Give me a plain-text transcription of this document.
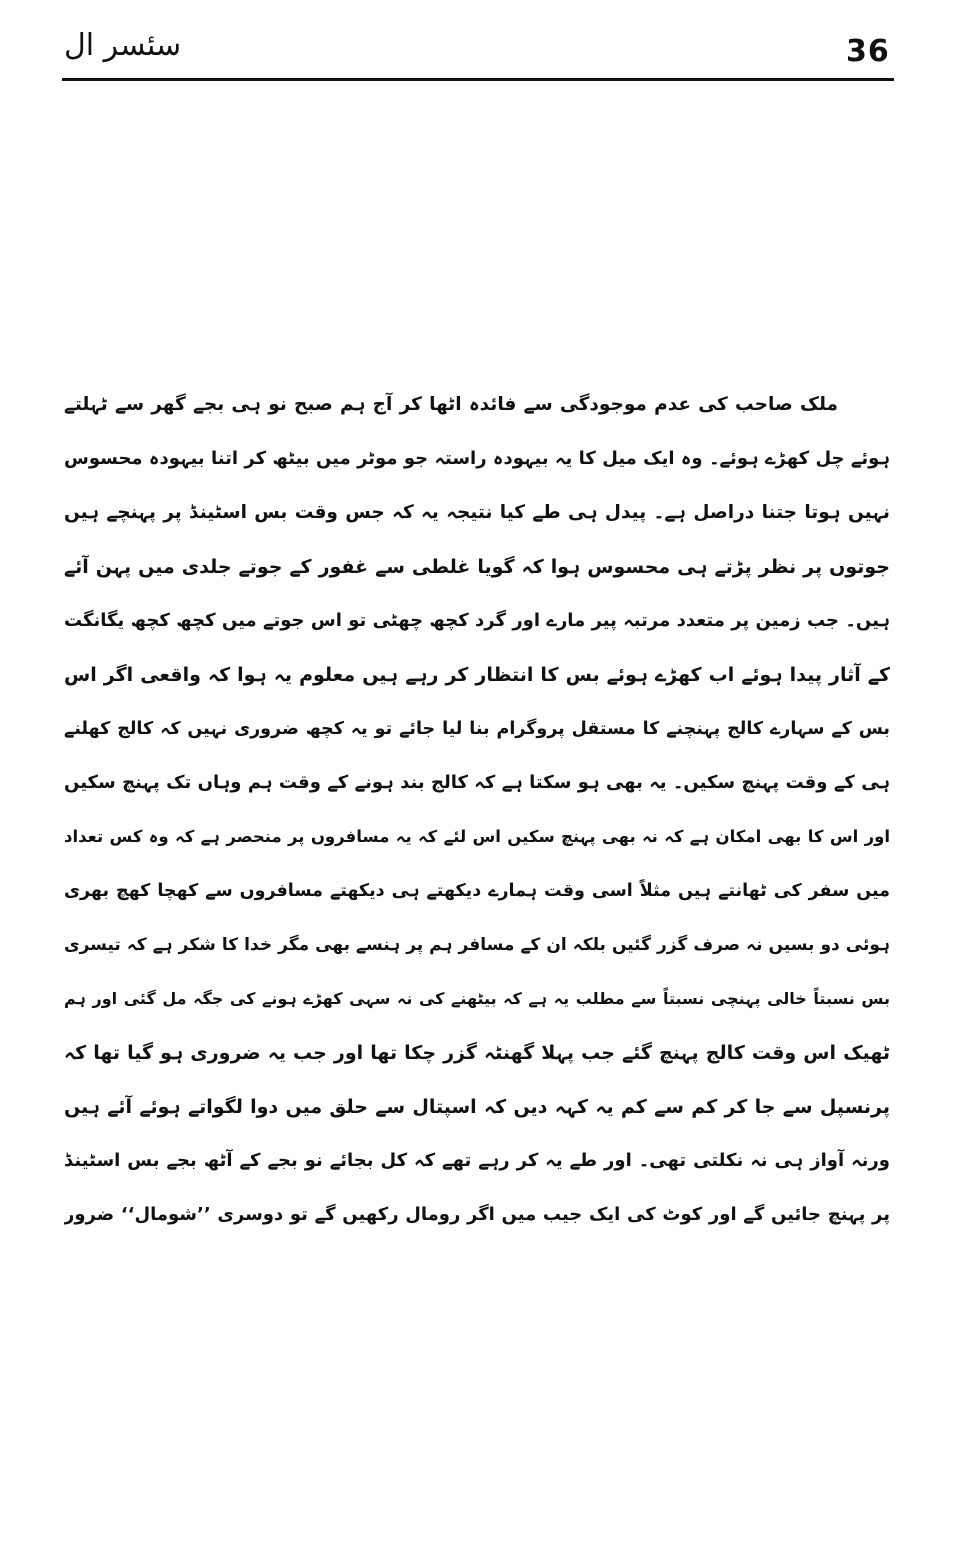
36
سئسر ال
ملک صاحب کی عدم موجودگی سے فائدہ اٹھا کر آج ہم صبح نو ہی بجے گھر سے ٹہلتے
ہوئے چل کھڑے ہوئے۔ وہ ایک میل کا یہ بیہودہ راستہ جو موٹر میں بیٹھ کر اتنا بیہودہ محسوس
نہیں ہوتا جتنا دراصل ہے۔ پیدل ہی طے کیا نتیجہ یہ کہ جس وقت بس اسٹینڈ پر پہنچے ہیں
جوتوں پر نظر پڑتے ہی محسوس ہوا کہ گویا غلطی سے غفور کے جوتے جلدی میں پہن آئے
ہیں۔ جب زمین پر متعدد مرتبہ پیر مارے اور گرد کچھ چھٹی تو اس جوتے میں کچھ کچھ یگانگت
کے آثار پیدا ہوئے اب کھڑے ہوئے بس کا انتظار کر رہے ہیں معلوم یہ ہوا کہ واقعی اگر اس
بس کے سہارے کالج پہنچنے کا مستقل پروگرام بنا لیا جائے تو یہ کچھ ضروری نہیں کہ کالج کھلنے
ہی کے وقت پہنچ سکیں۔ یہ بھی ہو سکتا ہے کہ کالج بند ہونے کے وقت ہم وہاں تک پہنچ سکیں
اور اس کا بھی امکان ہے کہ نہ بھی پہنچ سکیں اس لئے کہ یہ مسافروں پر منحصر ہے کہ وہ کس تعداد
میں سفر کی ٹھانتے ہیں مثلاً اسی وقت ہمارے دیکھتے ہی دیکھتے مسافروں سے کھچا کھچ بھری
ہوئی دو بسیں نہ صرف گزر گئیں بلکہ ان کے مسافر ہم پر ہنسے بھی مگر خدا کا شکر ہے کہ تیسری
بس نسبتاً خالی پہنچی نسبتاً سے مطلب یہ ہے کہ بیٹھنے کی نہ سہی کھڑے ہونے کی جگہ مل گئی اور ہم
ٹھیک اس وقت کالج پہنچ گئے جب پہلا گھنٹہ گزر چکا تھا اور جب یہ ضروری ہو گیا تھا کہ
پرنسپل سے جا کر کم سے کم یہ کہہ دیں کہ اسپتال سے حلق میں دوا لگواتے ہوئے آئے ہیں
ورنہ آواز ہی نہ نکلتی تھی۔ اور طے یہ کر رہے تھے کہ کل بجائے نو بجے کے آٹھ بجے بس اسٹینڈ
پر پہنچ جائیں گے اور کوٹ کی ایک جیب میں اگر رومال رکھیں گے تو دوسری ’’شومال‘‘ ضرور
